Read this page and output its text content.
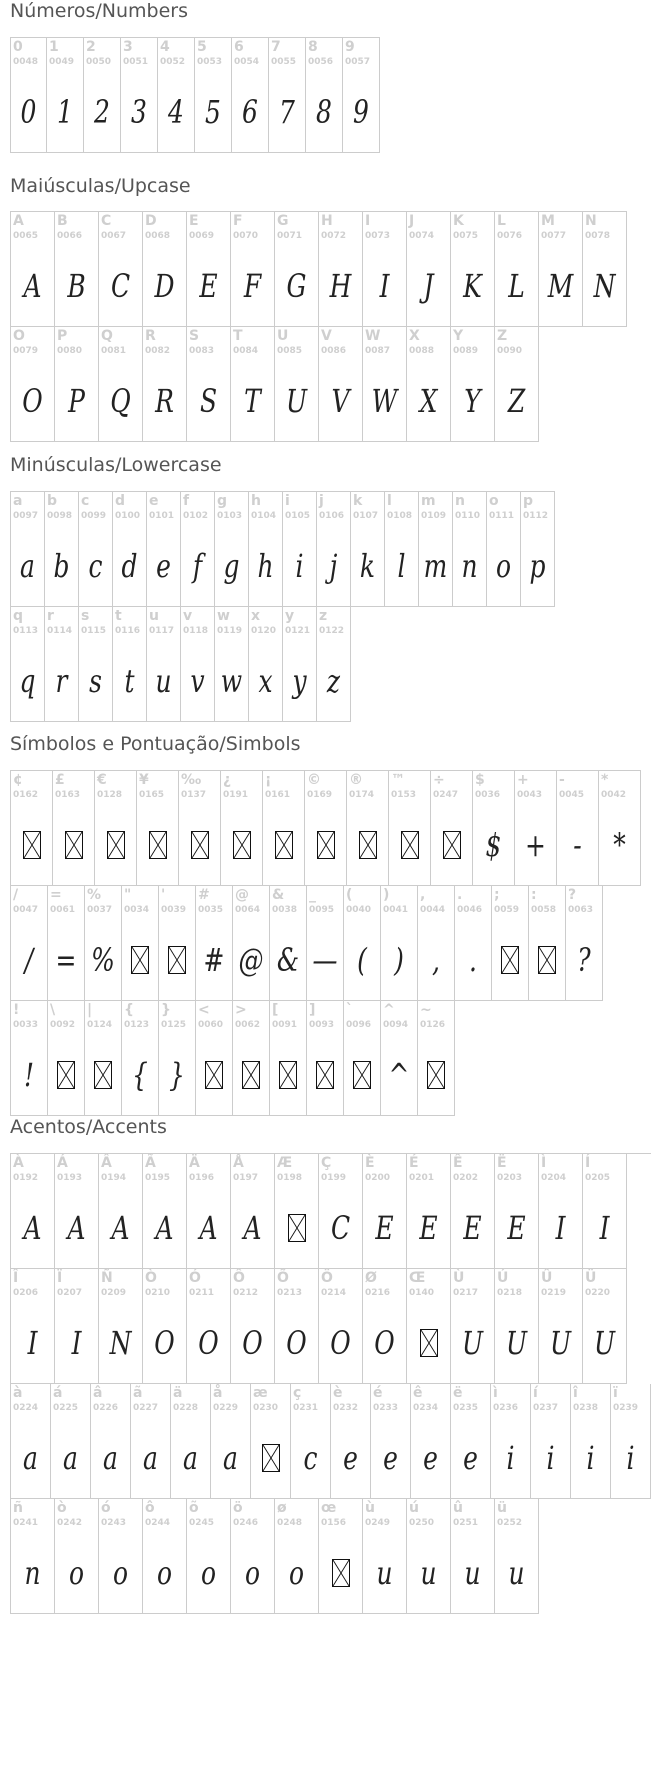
Números/Numbers
0
0048
0
1
0049
1
2
0050
2
3
0051
3
4
0052
4
5
0053
5
6
0054
6
7
0055
7
8
0056
8
9
0057
9
Maiúsculas/Upcase
A
0065
A
B
0066
B
C
0067
C
D
0068
D
E
0069
E
F
0070
F
G
0071
G
H
0072
H
I
0073
I
J
0074
J
K
0075
K
L
0076
L
M
0077
M
N
0078
N
O
0079
O
P
0080
P
Q
0081
Q
R
0082
R
S
0083
S
T
0084
T
U
0085
U
V
0086
V
W
0087
W
X
0088
X
Y
0089
Y
Z
0090
Z
Minúsculas/Lowercase
a
0097
a
b
0098
b
c
0099
c
d
0100
d
e
0101
e
f
0102
f
g
0103
g
h
0104
h
i
0105
i
j
0106
j
k
0107
k
l
0108
l
m
0109
m
n
0110
n
o
0111
o
p
0112
p
q
0113
q
r
0114
r
s
0115
s
t
0116
t
u
0117
u
v
0118
v
w
0119
w
x
0120
x
y
0121
y
z
0122
z
Símbolos e Pontuação/Simbols
¢
0162
£
0163
€
0128
¥
0165
‰
0137
¿
0191
¡
0161
©
0169
®
0174
™
0153
÷
0247
$
0036
$
+
0043
+
-
0045
-
*
0042
*
/
0047
/
=
0061
=
%
0037
%
"
0034
'
0039
#
0035
#
@
0064
@
&
0038
&
_
0095
—
(
0040
(
)
0041
)
,
0044
,
.
0046
.
;
0059
:
0058
?
0063
?
!
0033
!
\
0092
|
0124
{
0123
{
}
0125
}
<
0060
>
0062
[
0091
]
0093
`
0096
^
0094
^
~
0126
Acentos/Accents
À
0192
A
Á
0193
A
Â
0194
A
Ã
0195
A
Ä
0196
A
Å
0197
A
Æ
0198
Ç
0199
C
È
0200
E
É
0201
E
Ê
0202
E
Ë
0203
E
Ì
0204
I
Í
0205
I
Î
0206
I
Ï
0207
I
Ñ
0209
N
Ò
0210
O
Ó
0211
O
Ô
0212
O
Õ
0213
O
Ö
0214
O
Ø
0216
O
Œ
0140
Ù
0217
U
Ú
0218
U
Û
0219
U
Ü
0220
U
à
0224
a
á
0225
a
â
0226
a
ã
0227
a
ä
0228
a
å
0229
a
æ
0230
ç
0231
c
è
0232
e
é
0233
e
ê
0234
e
ë
0235
e
ì
0236
i
í
0237
i
î
0238
i
ï
0239
i
ñ
0241
n
ò
0242
o
ó
0243
o
ô
0244
o
õ
0245
o
ö
0246
o
ø
0248
o
œ
0156
ù
0249
u
ú
0250
u
û
0251
u
ü
0252
u
